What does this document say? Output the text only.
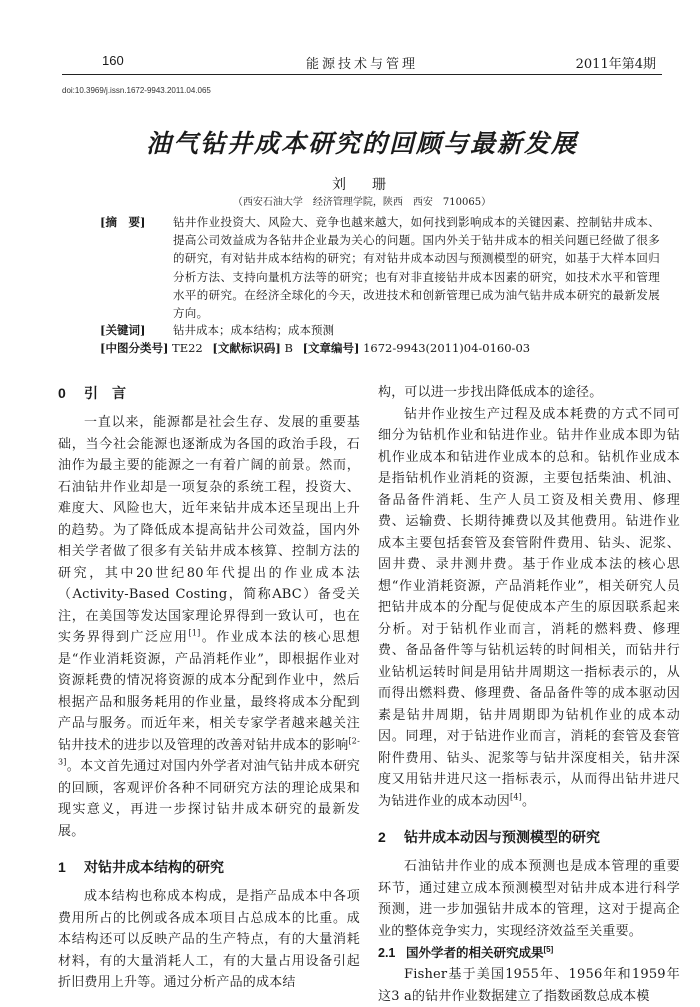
160	能源技术与管理	2011年第4期
doi:10.3969/j.issn.1672-9943.2011.04.065
油气钻井成本研究的回顾与最新发展
刘　珊
（西安石油大学　经济管理学院，陕西　西安　710065）
[摘　要] 钻井作业投资大、风险大、竞争也越来越大，如何找到影响成本的关键因素、控制钻井成本、提高公司效益成为各钻井企业最为关心的问题。国内外关于钻井成本的相关问题已经做了很多的研究，有对钻井成本结构的研究；有对钻井成本动因与预测模型的研究，如基于大样本回归分析方法、支持向量机方法等的研究；也有对非直接钻井成本因素的研究，如技术水平和管理水平的研究。在经济全球化的今天，改进技术和创新管理已成为油气钻井成本研究的最新发展方向。
[关键词] 钻井成本；成本结构；成本预测
[中图分类号] TE22 [文献标识码] B [文章编号] 1672-9943(2011)04-0160-03
0 引　言

一直以来，能源都是社会生存、发展的重要基础，当今社会能源也逐渐成为各国的政治手段，石油作为最主要的能源之一有着广阔的前景。然而，石油钻井作业却是一项复杂的系统工程，投资大、难度大、风险也大，近年来钻井成本还呈现出上升的趋势。为了降低成本提高钻井公司效益，国内外相关学者做了很多有关钻井成本核算、控制方法的研究，其中20世纪80年代提出的作业成本法（Activity-Based Costing，简称ABC）备受关注，在美国等发达国家理论界得到一致认可，也在实务界得到广泛应用[1]。作业成本法的核心思想是“作业消耗资源，产品消耗作业”，即根据作业对资源耗费的情况将资源的成本分配到作业中，然后根据产品和服务耗用的作业量，最终将成本分配到产品与服务。而近年来，相关专家学者越来越关注钻井技术的进步以及管理的改善对钻井成本的影响[2-3]。本文首先通过对国内外学者对油气钻井成本研究的回顾，客观评价各种不同研究方法的理论成果和现实意义，再进一步探讨钻井成本研究的最新发展。

1 对钻井成本结构的研究

成本结构也称成本构成，是指产品成本中各项费用所占的比例或各成本项目占总成本的比重。成本结构还可以反映产品的生产特点，有的大量消耗材料，有的大量消耗人工，有的大量占用设备引起折旧费用上升等。通过分析产品的成本结

构，可以进一步找出降低成本的途径。

钻井作业按生产过程及成本耗费的方式不同可细分为钻机作业和钻进作业。钻井作业成本即为钻机作业成本和钻进作业成本的总和。钻机作业成本是指钻机作业消耗的资源，主要包括柴油、机油、备品备件消耗、生产人员工资及相关费用、修理费、运输费、长期待摊费以及其他费用。钻进作业成本主要包括套管及套管附件费用、钻头、泥浆、固井费、录井测井费。基于作业成本法的核心思想“作业消耗资源，产品消耗作业”，相关研究人员把钻井成本的分配与促使成本产生的原因联系起来分析。对于钻机作业而言，消耗的燃料费、修理费、备品备件等与钻机运转的时间相关，而钻井行业钻机运转时间是用钻井周期这一指标表示的，从而得出燃料费、修理费、备品备件等的成本驱动因素是钻井周期，钻井周期即为钻机作业的成本动因。同理，对于钻进作业而言，消耗的套管及套管附件费用、钻头、泥浆等与钻井深度相关，钻井深度又用钻井进尺这一指标表示，从而得出钻井进尺为钻进作业的成本动因[4]。

2 钻井成本动因与预测模型的研究

石油钻井作业的成本预测也是成本管理的重要环节，通过建立成本预测模型对钻井成本进行科学预测，进一步加强钻井成本的管理，这对于提高企业的整体竞争实力，实现经济效益至关重要。

2.1 国外学者的相关研究成果[5]

Fisher基于美国1955年、1956年和1959年这3 a的钻井作业数据建立了指数函数总成本模
